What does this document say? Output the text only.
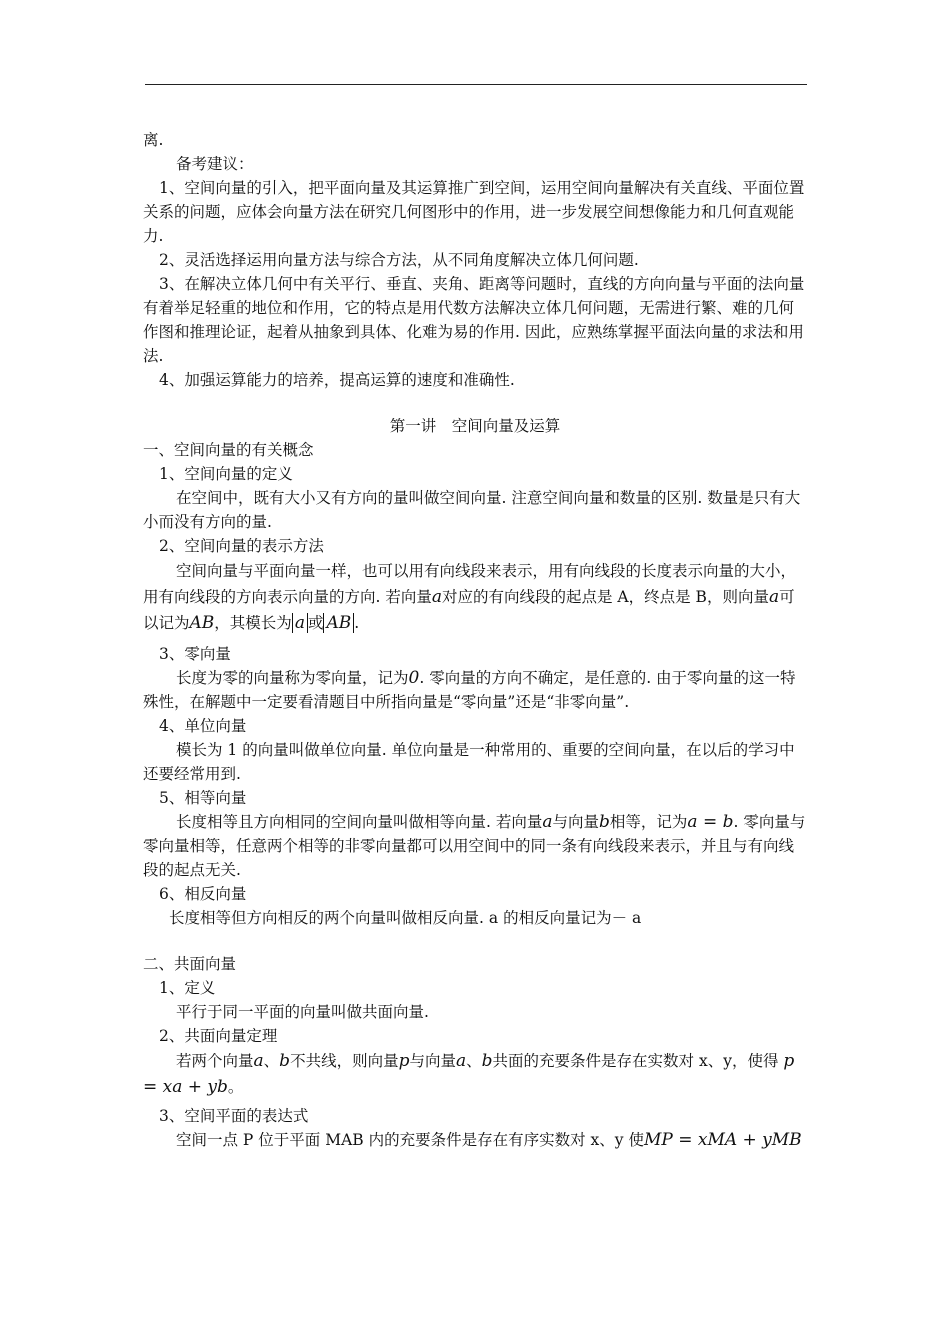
离.

备考建议：

1、空间向量的引入，把平面向量及其运算推广到空间，运用空间向量解决有关直线、平面位置关系的问题，应体会向量方法在研究几何图形中的作用，进一步发展空间想像能力和几何直观能力.

2、灵活选择运用向量方法与综合方法，从不同角度解决立体几何问题.

3、在解决立体几何中有关平行、垂直、夹角、距离等问题时，直线的方向向量与平面的法向量有着举足轻重的地位和作用，它的特点是用代数方法解决立体几何问题，无需进行繁、难的几何作图和推理论证，起着从抽象到具体、化难为易的作用. 因此，应熟练掌握平面法向量的求法和用法.

4、加强运算能力的培养，提高运算的速度和准确性.

第一讲　空间向量及运算

一、空间向量的有关概念

1、空间向量的定义

在空间中，既有大小又有方向的量叫做空间向量. 注意空间向量和数量的区别. 数量是只有大小而没有方向的量.

2、空间向量的表示方法

空间向量与平面向量一样，也可以用有向线段来表示，用有向线段的长度表示向量的大小，用有向线段的方向表示向量的方向. 若向量a对应的有向线段的起点是 A，终点是 B，则向量a可以记为AB，其模长为 a 或 AB .

3、零向量

长度为零的向量称为零向量，记为0. 零向量的方向不确定，是任意的. 由于零向量的这一特殊性，在解题中一定要看清题目中所指向量是“零向量”还是“非零向量”.

4、单位向量

模长为 1 的向量叫做单位向量. 单位向量是一种常用的、重要的空间向量，在以后的学习中还要经常用到.

5、相等向量

长度相等且方向相同的空间向量叫做相等向量. 若向量a与向量b相等，记为a = b. 零向量与零向量相等，任意两个相等的非零向量都可以用空间中的同一条有向线段来表示，并且与有向线段的起点无关.

6、相反向量

长度相等但方向相反的两个向量叫做相反向量. a 的相反向量记为－ a

二、共面向量

1、定义

平行于同一平面的向量叫做共面向量.

2、共面向量定理

若两个向量a、b不共线，则向量p与向量a、b共面的充要条件是存在实数对 x、y，使得 p = xa + yb。

3、空间平面的表达式

空间一点 P 位于平面 MAB 内的充要条件是存在有序实数对 x、y 使MP = xMA + yMB
